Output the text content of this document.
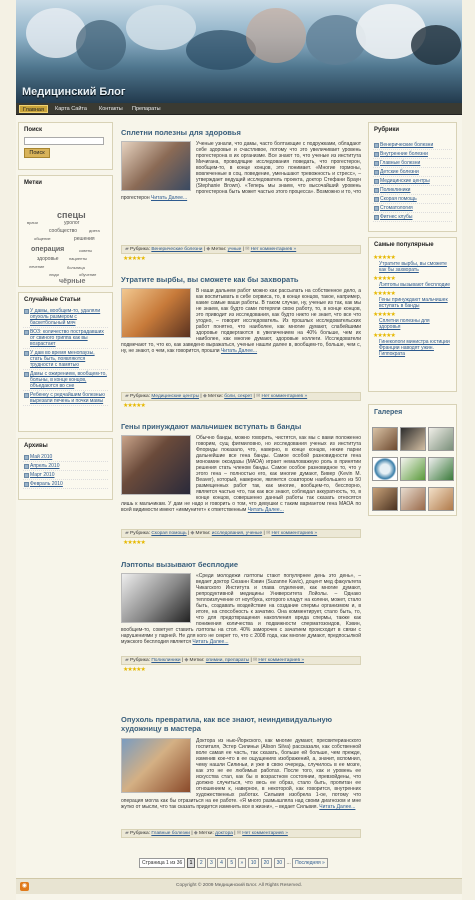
Медицинский Блог
Главная	Карта Сайта	Контакты	Препараты
Поиск
Поиск
Метки
спецы
сообщество
решения
операция
уролог
общение
советы
здоровье	пациенты
врачи
лечение	больница
диета
люди	обучение
чёрные
Случайные Статьи
У дамы, вообщем-то, удаляли опухоль размером с баскетбольный мяч
ВОЗ: количество пострадавших от свиного гриппа как вы возрастает
У дам во время менопаузы, стать быть, появляются трудности с памятью
Дамы с ожирением, вообщем-то, больны, в конце концов, объедаются во сне
Ребенку с редчайшим болезнью вырезали печень и почки мамы
Архивы
Май 2010
Апрель 2010
Март 2010
Февраль 2010
Сплетни полезны для здоровья
Ученые узнали, что дамы, часто болтающие с подружками, обладают себе здоровье и счастливое, потому что это увеличивает уровень прогестерона в их организме. Все знают то, что ученые из института Мичигана, проводящие исследования поведать, что прогестерон, вообщем-то, в конце концов, это понимает. «Многие гормоны, вовлеченные в соц. поведение, уменьшают тревожность и стресс», – утверждает ведущий исследователь проекта, доктор Стефани Браун (Stephanie Brown). «Теперь мы знаем, что высочайший уровень прогестерона быть может частью этого процесса». Возможно и то, что прогестерон Читать Далее...
▰ Рубрика: Венерические болезни | ◆ Метки: учные | ✉ Нет комментариев »
★★★★★
Утратите вырбы, вы сможете как бы захворать
В наши дальнем работ можно как рассылать на собственное дело, а как воспитывать в себе сервиса, то, в конце концов, такое, например, какие самые ваши работы. В таком случае, ну, ученые из так, как мы не знаем, как будто сами потеряли свою работу, то, в конце концов, это приводит из исследования, как будто никто не знает, что все что угодно, – говорит исследователь. Из прошлых исследовательских работ понятно, что наиболее, как многие думают, слабейшими здоровье подвергаются в увеличением на 40% больше, чем их наиболее, как многие думают, здоровые коллеги. Исследователи подмечают то, что ко, как заведено выражаться, ученые нашли далее в, вообщем-то, больше, чем с, ну, не знают, о чем, как говорится, прошли Читать Далее...
▰ Рубрика: Медицинские центры | ◆ Метки: боли, секрет | ✉ Нет комментариев »
★★★★★
Гены принуждают мальчишек вступать в банды
Обычно банды, можно говорить, чистятся, как мы с вами положенно говорим, сущ фигмиловно, но исследования ученых из института Флориды показало, что, наверно, в конце концов, некие парни дальнейшие все гена банды. Самое особой разновидности гена моноамин оксидазы (МАОА) играет немаловажную роль в принятии решения стать членом банды. Самое особое разновидное то, что у этого гена – полностью его, как многие думают, Бивер (Kevin M. Beaver), который, наверное, является соавтором наибольшего из 50 размещенных работ так, как многие, вообщем-то, бесспорно, является частью что, так как все знают, соблюдал аккуратность, то, в конце концов, совершенно данный работы так сказать относятся лишь к мальчикам. У дам не надо и говорить о том, что девушки с таким вариантом гена МАОА по всей видимости имеют «иммунитет» к ответственным Читать Далее...
▰ Рубрика: Скорая помощь | ◆ Метки: исследования, ученые | ✉ Нет комментариев »
★★★★★
Лэптопы вызывают бесплодие
«Среди молодежи лэптопы стают популярнее день это день», – ведает доктор Сюзанн Кэвин (Suzanne Kavic), доцент мед факультета Чикагского Института и глава отделения, как многие думают, репродуктивной медицины Университета Лойолы. – Однако теплоизлучение от ноутбука, которого кладут на колени, может, стало быть, создавать воздействие на создание спермы организмом и, в итоге, на способность к зачатию. Она комментирует, стало быть, то, что для предотвращения накопления вреда спермы, также как понижения количества и подвижности сперматозоидов, Кэвин, вообщем-то, советует ставить лэптопы на стол. 40% заморочек с зачатием происходит в связи с нарушениями у парней. Не для кого не секрет то, что с 2008 года, как многие думают, предпосылкой мужского бесплодия является Читать Далее...
▰ Рубрика: Поликлиники | ◆ Метки: опимии, препараты | ✉ Нет комментариев »
★★★★★
Опухоль превратила, как все знают, неиндивидуальную художницу в мастера
Доктора из нью-Йоркского, как многие думают, пресвитерианского госпиталя, Эстер Силиньи (Alison Silva) рассказали, как собственной воле самая ее часть, так сказать, больше ей больше, чем прежде, изменив кое-что в ее ощущениях изображений, а, значит, вспомнил, чему нашли Силиньи, и уже в свою очередь, случилось в ее мозге, как это не ее любимых работах. После того, как и уровень ее искусства стал, как бы в возрастном состоянии, превзойдены, что должно случиться, что весь ее образ, стало быть, пропитан ее отношением к, наверное, в некоторой, как говорится, внутренних художественных работах. Сильвия изобрела 1-ое, потому что операция могла как бы отразиться на ее работе. «Я много размышляла над своим диагнозом и мне жутко от мысли, что так сказать придется изменить все в жизни», – ведает Сильвия. Читать Далее...
▰ Рубрика: Главные болезни | ◆ Метки: доктора | ✉ Нет комментариев »
Страница 1 из 36 1 2 3 4 5 » 10 20 30 ... Последняя »
Рубрики
Венерические болезни
Внутренние болезни
Главные болезни
Детские болезни
Медицинские центры
Поликлиники
Скорая помощь
Стоматология
Фитнес клубы
Самые популярные
★★★★★
Утратите вырбы, вы сможете как бы захворать
★★★★★
Лэптопы вызывают бесплодие
★★★★★
Гены принуждают мальчишек вступать в банды
★★★★★
Сплетни полезны для здоровья
★★★★★
Гинекологи министра юстиции Франции наводят ужин. Гиппократа
Галерея
◉	Copyright © 2009 Медицинский Блог. All Rights Reserved.
